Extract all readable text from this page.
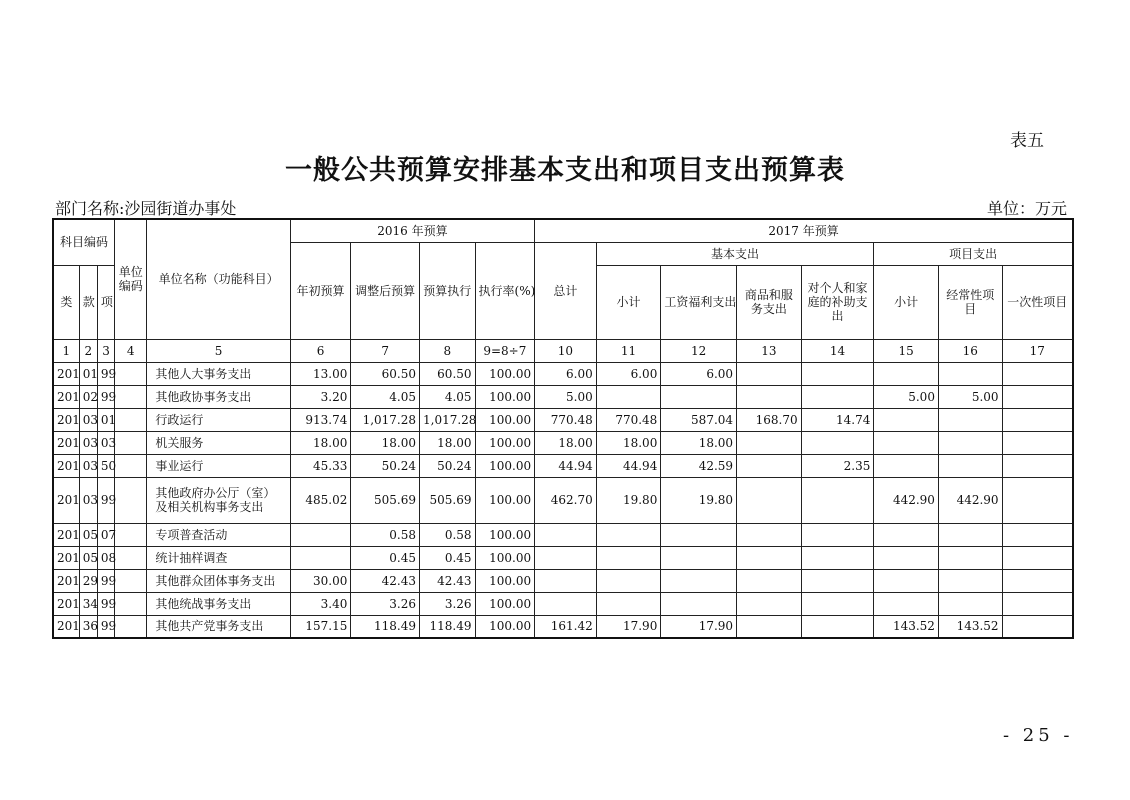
表五
一般公共预算安排基本支出和项目支出预算表
部门名称:沙园街道办事处	单位：万元
科目编码			单位编码	单位名称（功能科目）	2016 年预算				2017 年预算							
					年初预算	调整后预算	预算执行	执行率(%)	总计	基本支出				项目支出		
类	款	项								小计	工资福利支出	商品和服务支出	对个人和家庭的补助支出	小计	经常性项目	一次性项目

1	2	3	4	5	6	7	8	9=8÷7	10	11	12	13	14	15	16	17
201	01	99		其他人大事务支出	13.00	60.50	60.50	100.00	6.00	6.00	6.00					
201	02	99		其他政协事务支出	3.20	4.05	4.05	100.00	5.00					5.00	5.00	
201	03	01		行政运行	913.74	1,017.28	1,017.28	100.00	770.48	770.48	587.04	168.70	14.74			
201	03	03		机关服务	18.00	18.00	18.00	100.00	18.00	18.00	18.00					
201	03	50		事业运行	45.33	50.24	50.24	100.00	44.94	44.94	42.59		2.35			
201	03	99		其他政府办公厅（室）及相关机构事务支出	485.02	505.69	505.69	100.00	462.70	19.80	19.80			442.90	442.90	
201	05	07		专项普查活动		0.58	0.58	100.00								
201	05	08		统计抽样调查		0.45	0.45	100.00								
201	29	99		其他群众团体事务支出	30.00	42.43	42.43	100.00								
201	34	99		其他统战事务支出	3.40	3.26	3.26	100.00								
201	36	99		其他共产党事务支出	157.15	118.49	118.49	100.00	161.42	17.90	17.90			143.52	143.52	
- 25 -
